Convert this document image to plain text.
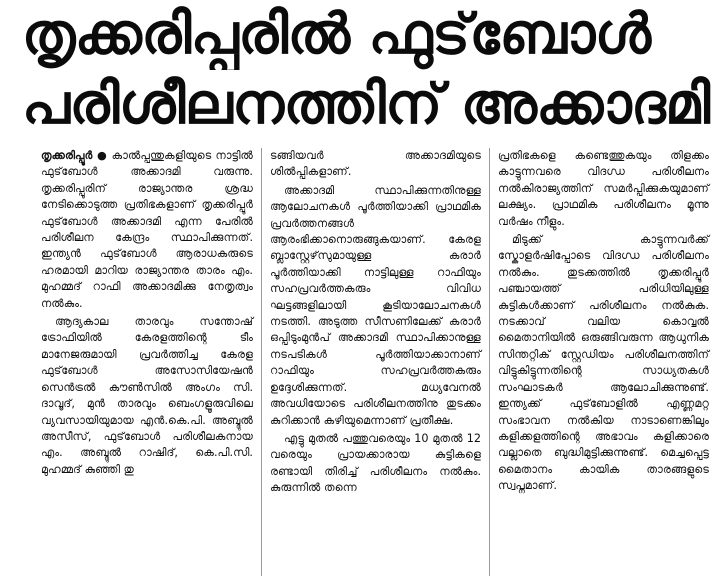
തൃക്കരിപ്പൂരിൽ ഫുട്‌ബോൾ
പരിശീലനത്തിന് അക്കാദമി

തൃക്കരിപ്പൂർ ● കാൽപ്പന്തുകളിയുടെ നാട്ടിൽ ഫുട്‌ബോൾ അക്കാദമി വരുന്നു. തൃക്കരിപ്പൂരിന് രാജ്യാന്തര ശ്രദ്ധ നേടിക്കൊടുത്ത പ്രതിഭകളാണ് തൃക്കരിപ്പൂർ ഫുട്‌ബോൾ അക്കാദമി എന്ന പേരിൽ പരിശീലന കേന്ദ്രം സ്ഥാപിക്കുന്നത്. ഇന്ത്യൻ ഫുട്‌ബോൾ ആരാധകരുടെ ഹരമായി മാറിയ രാജ്യാന്തര താരം എം. മുഹമ്മദ് റാഫി അക്കാദമിക്കു നേതൃത്വം നൽകും.

ആദ്യകാല താരവും സന്തോഷ് ട്രോഫിയിൽ കേരളത്തിന്റെ ടീം മാനേജരുമായി പ്രവർത്തിച്ച കേരള ഫുട്‌ബോൾ അസോസിയേഷൻ സെൻട്രൽ കൗൺസിൽ അംഗം സി. ദാവൂദ്, മുൻ താരവും ബെംഗളൂരുവിലെ വ്യവസായിയുമായ എൻ.കെ.പി. അബ്ദുൽ അസീസ്, ഫുട്‌ബോൾ പരിശീലകനായ എം. അബ്ദുൽ റാഷിദ്, കെ.പി.സി. മുഹമ്മദ് കുഞ്ഞി തു

ടങ്ങിയവർ അക്കാദമിയുടെ ശിൽപ്പികളാണ്.

അക്കാദമി സ്ഥാപിക്കുന്നതിനുള്ള ആലോചനകൾ പൂർത്തിയാക്കി പ്രാഥമിക പ്രവർത്തനങ്ങൾ ആരംഭിക്കാനൊരുങ്ങുകയാണ്. കേരള ബ്ലാസ്റ്റേഴ്‌സുമായുള്ള കരാർ പൂർത്തിയാക്കി നാട്ടിലുള്ള റാഫിയും സഹപ്രവർത്തകരും വിവിധ ഘട്ടങ്ങളിലായി കൂടിയാലോചനകൾ നടത്തി. അടുത്ത സീസണിലേക്ക് കരാർ ഒപ്പിടുംമുൻപ് അക്കാദമി സ്ഥാപിക്കാനുള്ള നടപടികൾ പൂർത്തിയാക്കാനാണ് റാഫിയും സഹപ്രവർത്തകരും ഉദ്ദേശിക്കുന്നത്. മധ്യവേനൽ അവധിയോടെ പരിശീലനത്തിനു തുടക്കം കുറിക്കാൻ കഴിയുമെന്നാണ് പ്രതീക്ഷ.

എട്ടു മുതൽ പത്തുവരെയും 10 മുതൽ 12 വരെയും പ്രായക്കാരായ കുട്ടികളെ രണ്ടായി തിരിച്ച് പരിശീലനം നൽകും. കുരുന്നിൽ തന്നെ

പ്രതിഭകളെ കണ്ടെത്തുകയും തിളക്കം കാട്ടുന്നവരെ വിദഗ്ധ പരിശീലനം നൽകിരാജ്യത്തിന് സമർപ്പിക്കുകയുമാണ് ലക്ഷ്യം. പ്രാഥമിക പരിശീലനം മൂന്നു വർഷം നീളും.

മിടുക്ക് കാട്ടുന്നവർക്ക് സ്കോളർഷിപ്പോടെ വിദഗ്ധ പരിശീലനം നൽകും. തുടക്കത്തിൽ തൃക്കരിപ്പൂർ പഞ്ചായത്ത് പരിധിയിലുള്ള കുട്ടികൾക്കാണ് പരിശീലനം നൽകുക. നടക്കാവ് വലിയ കൊവ്വൽ മൈതാനിയിൽ ഒരുങ്ങിവരുന്ന ആധുനിക സിന്തറ്റിക് സ്റ്റേഡിയം പരിശീലനത്തിന് വിട്ടുകിട്ടുന്നതിന്റെ സാധ്യതകൾ സംഘാടകർ ആലോചിക്കുന്നുണ്ട്. ഇന്ത്യക്ക് ഫുട്‌ബോളിൽ എണ്ണമറ്റ സംഭാവന നൽകിയ നാടാണെങ്കിലും കളിക്കളത്തിന്റെ അഭാവം കളിക്കാരെ വല്ലാതെ ബുദ്ധിമുട്ടിക്കുന്നുണ്ട്. മെച്ചപ്പെട്ട മൈതാനം കായിക താരങ്ങളുടെ സ്വപ്നമാണ്.
